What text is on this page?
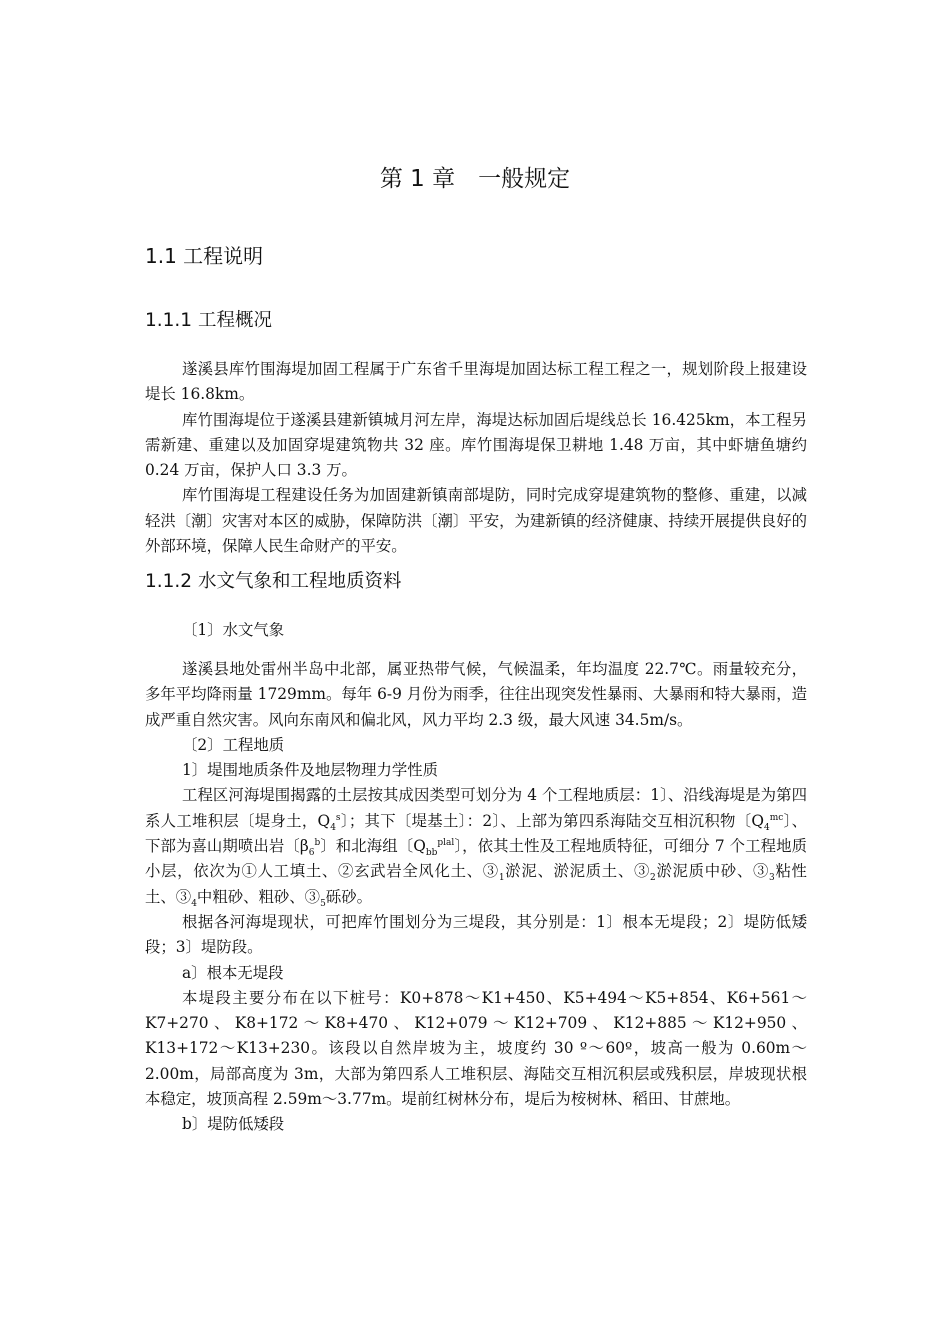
第 1 章　一般规定
1.1 工程说明
1.1.1 工程概况

遂溪县库竹围海堤加固工程属于广东省千里海堤加固达标工程工程之一，规划阶段上报建设堤长 16.8km。

库竹围海堤位于遂溪县建新镇城月河左岸，海堤达标加固后堤线总长 16.425km，本工程另需新建、重建以及加固穿堤建筑物共 32 座。库竹围海堤保卫耕地 1.48 万亩，其中虾塘鱼塘约 0.24 万亩，保护人口 3.3 万。

库竹围海堤工程建设任务为加固建新镇南部堤防，同时完成穿堤建筑物的整修、重建，以减轻洪〔潮〕灾害对本区的威胁，保障防洪〔潮〕平安，为建新镇的经济健康、持续开展提供良好的外部环境，保障人民生命财产的平安。

1.1.2 水文气象和工程地质资料

〔1〕水文气象

遂溪县地处雷州半岛中北部，属亚热带气候，气候温柔，年均温度 22.7℃。雨量较充分，多年平均降雨量 1729mm。每年 6-9 月份为雨季，往往出现突发性暴雨、大暴雨和特大暴雨，造成严重自然灾害。风向东南风和偏北风，风力平均 2.3 级，最大风速 34.5m/s。

〔2〕工程地质

1〕堤围地质条件及地层物理力学性质

工程区河海堤围揭露的土层按其成因类型可划分为 4 个工程地质层：1〕、沿线海堤是为第四系人工堆积层〔堤身土，$Q_4^s$〕；其下〔堤基土〕：2〕、上部为第四系海陆交互相沉积物〔$Q_4^{mc}$〕、下部为喜山期喷出岩〔$\beta_6^b$〕和北海组〔$Q_{bb}^{plal}$〕，依其土性及工程地质特征，可细分 7 个工程地质小层，依次为①人工填土、②玄武岩全风化土、$③_1$淤泥、淤泥质土、$③_2$淤泥质中砂、$③_3$粘性土、$③_4$中粗砂、粗砂、$③_5$砾砂。

根据各河海堤现状，可把库竹围划分为三堤段，其分别是：1〕根本无堤段；2〕堤防低矮段；3〕堤防段。

a〕根本无堤段

本堤段主要分布在以下桩号：K0+878～K1+450、K5+494～K5+854、K6+561～K7+270、K8+172～K8+470、K12+079～K12+709、K12+885～K12+950、K13+172～K13+230。该段以自然岸坡为主，坡度约 30 º～60º，坡高一般为 0.60m～2.00m，局部高度为 3m，大部为第四系人工堆积层、海陆交互相沉积层或残积层，岸坡现状根本稳定，坡顶高程 2.59m～3.77m。堤前红树林分布，堤后为桉树林、稻田、甘蔗地。

b〕堤防低矮段
